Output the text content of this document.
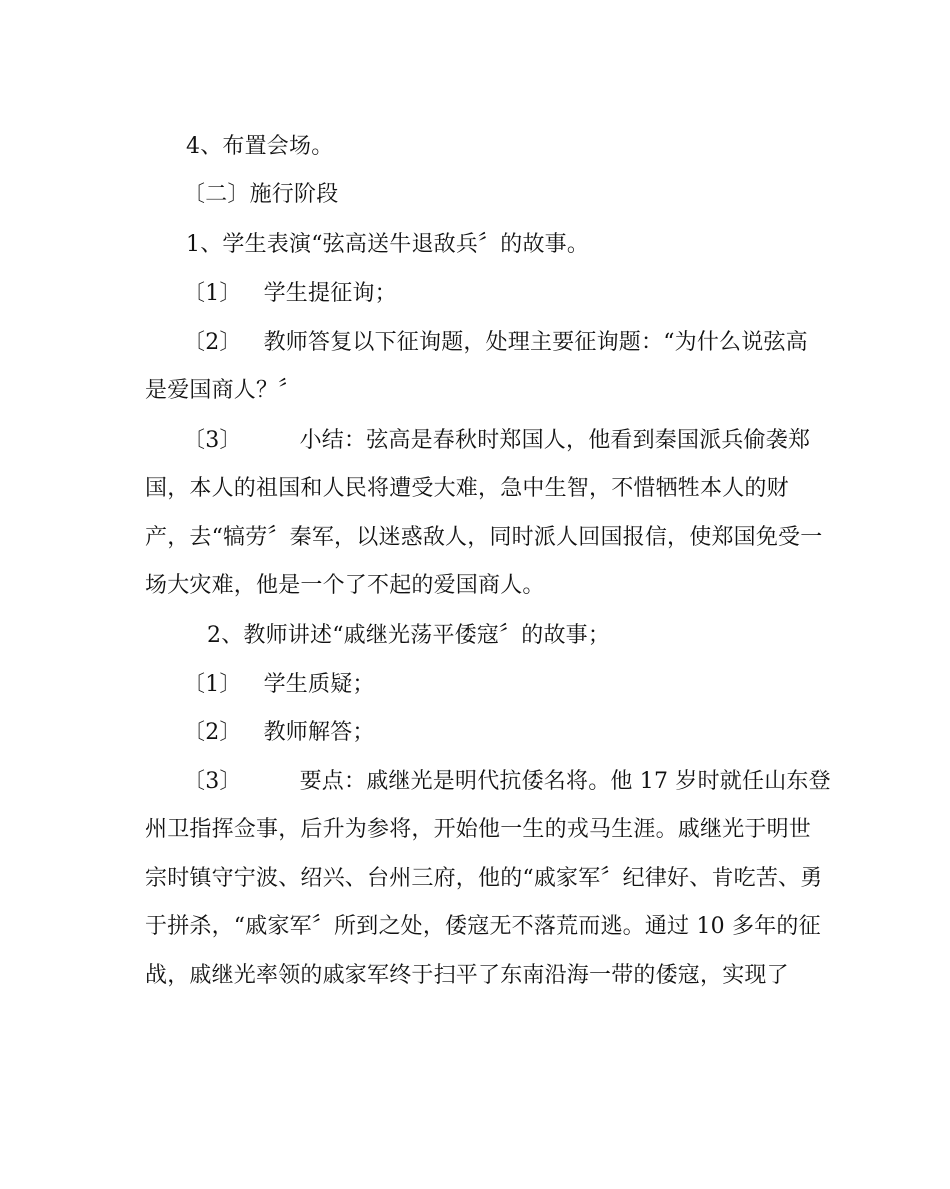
4、布置会场。
〔二〕施行阶段
1、学生表演“弦高送牛退敌兵〞的故事。
〔1〕 学生提征询；
〔2〕 教师答复以下征询题，处理主要征询题：“为什么说弦高
是爱国商人？〞
〔3〕	小结：弦高是春秋时郑国人，他看到秦国派兵偷袭郑
国，本人的祖国和人民将遭受大难，急中生智，不惜牺牲本人的财
产，去“犒劳〞秦军，以迷惑敌人，同时派人回国报信，使郑国免受一
场大灾难，他是一个了不起的爱国商人。
2、教师讲述“戚继光荡平倭寇〞的故事；
〔1〕 学生质疑；
〔2〕 教师解答；
〔3〕	要点：戚继光是明代抗倭名将。他 17 岁时就任山东登
州卫指挥佥事，后升为参将，开始他一生的戎马生涯。戚继光于明世
宗时镇守宁波、绍兴、台州三府，他的“戚家军〞纪律好、肯吃苦、勇
于拼杀，“戚家军〞所到之处，倭寇无不落荒而逃。通过 10 多年的征
战，戚继光率领的戚家军终于扫平了东南沿海一带的倭寇，实现了
